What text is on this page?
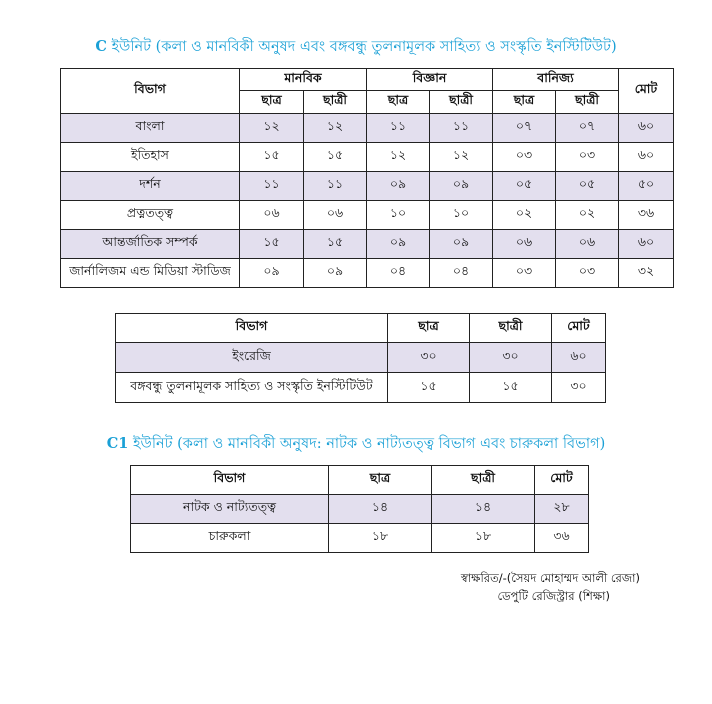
C ইউনিট (কলা ও মানবিকী অনুষদ এবং বঙ্গবন্ধু তুলনামূলক সাহিত্য ও সংস্কৃতি ইনস্টিটিউট)
বিভাগ	মানবিক		বিজ্ঞান		বানিজ্য		মোট
	ছাত্র	ছাত্রী	ছাত্র	ছাত্রী	ছাত্র	ছাত্রী	
বাংলা	১২	১২	১১	১১	০৭	০৭	৬০
ইতিহাস	১৫	১৫	১২	১২	০৩	০৩	৬০
দর্শন	১১	১১	০৯	০৯	০৫	০৫	৫০
প্রত্নতত্ত্ব	০৬	০৬	১০	১০	০২	০২	৩৬
আন্তর্জাতিক সম্পর্ক	১৫	১৫	০৯	০৯	০৬	০৬	৬০
জার্নালিজম এন্ড মিডিয়া স্টাডিজ	০৯	০৯	০৪	০৪	০৩	০৩	৩২
বিভাগ	ছাত্র	ছাত্রী	মোট
ইংরেজি	৩০	৩০	৬০
বঙ্গবন্ধু তুলনামূলক সাহিত্য ও সংস্কৃতি ইনস্টিটিউট	১৫	১৫	৩০
C1 ইউনিট (কলা ও মানবিকী অনুষদ: নাটক ও নাট্যতত্ত্ব বিভাগ এবং চারুকলা বিভাগ)
বিভাগ	ছাত্র	ছাত্রী	মোট
নাটক ও নাট্যতত্ত্ব	১৪	১৪	২৮
চারুকলা	১৮	১৮	৩৬
স্বাক্ষরিত/-(সৈয়দ মোহাম্মদ আলী রেজা)
ডেপুটি রেজিস্ট্রার (শিক্ষা)
